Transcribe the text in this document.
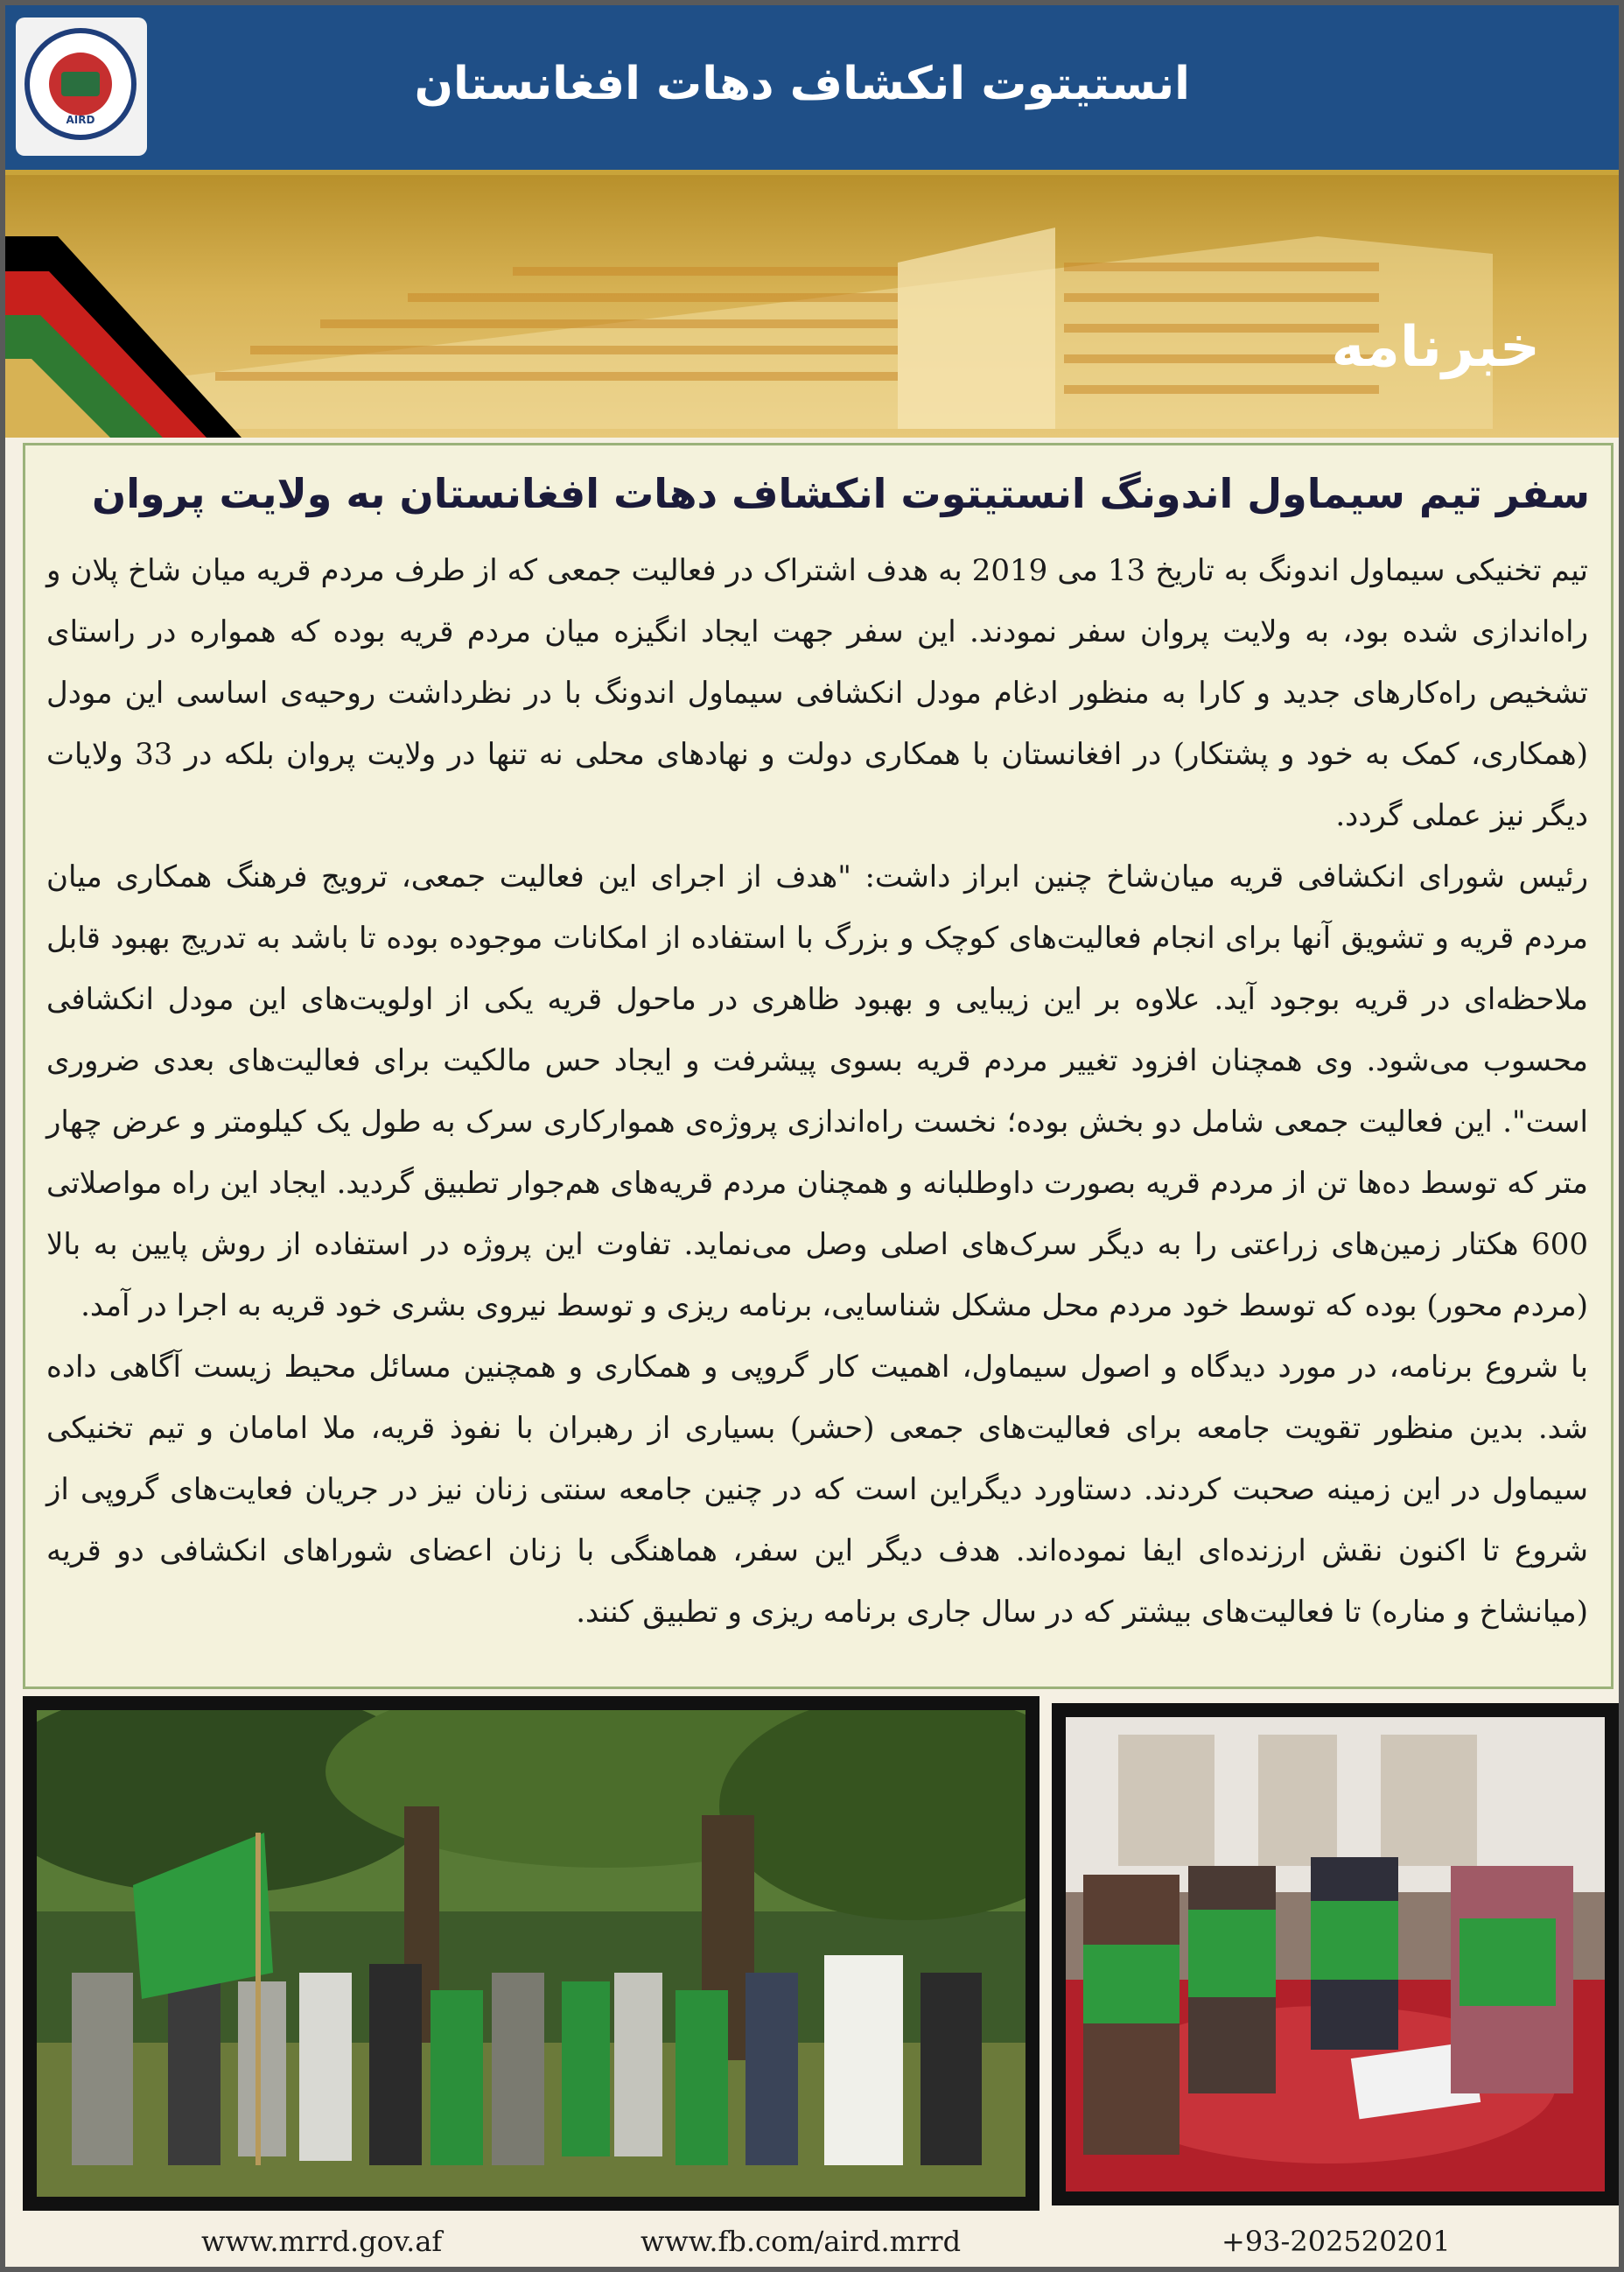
AIRD
انستیتوت انکشاف دهات افغانستان
خبرنامه
سفر تیم سیماول اندونگ انستیتوت انکشاف دهات افغانستان به ولایت پروان

تیم تخنیکی سیماول اندونگ به تاریخ 13 می 2019 به هدف اشتراک در فعالیت جمعی که از طرف مردم قریه میان شاخ پلان و راه‌اندازی شده بود، به ولایت پروان سفر نمودند. این سفر جهت ایجاد انگیزه میان مردم قریه بوده که همواره در راستای تشخیص راه‌کارهای جدید و کارا به منظور ادغام مودل انکشافی سیماول اندونگ با در نظرداشت روحیه‌ی اساسی این مودل (همکاری، کمک به خود و پشتکار) در افغانستان با همکاری دولت و نهادهای محلی نه تنها در ولایت پروان بلکه در 33 ولایات دیگر نیز عملی گردد.

رئیس شورای انکشافی قریه میان‌شاخ چنین ابراز داشت: "هدف از اجرای این فعالیت جمعی، ترویج فرهنگ همکاری میان مردم قریه و تشویق آنها برای انجام فعالیت‌های کوچک و بزرگ با استفاده از امکانات موجوده بوده تا باشد به تدریج بهبود قابل ملاحظه‌ای در قریه بوجود آید. علاوه بر این زیبایی و بهبود ظاهری در ماحول قریه یکی از اولویت‌های این مودل انکشافی محسوب می‌شود. وی همچنان افزود تغییر مردم قریه بسوی پیشرفت و ایجاد حس مالکیت برای فعالیت‌های بعدی ضروری است". این فعالیت جمعی شامل دو بخش بوده؛ نخست راه‌اندازی پروژه‌ی هموارکاری سرک به طول یک کیلومتر و عرض چهار متر که توسط ده‌ها تن از مردم قریه بصورت داوطلبانه و همچنان مردم قریه‌های هم‌جوار تطبیق گردید. ایجاد این راه مواصلاتی 600 هکتار زمین‌های زراعتی را به دیگر سرک‌های اصلی وصل می‌نماید. تفاوت این پروژه در استفاده از روش پایین به بالا (مردم محور) بوده که توسط خود مردم محل مشکل شناسایی، برنامه ریزی و توسط نیروی بشری خود قریه به اجرا در آمد.

با شروع برنامه، در مورد دیدگاه و اصول سیماول، اهمیت کار گروپی و همکاری و همچنین مسائل محیط زیست آگاهی داده شد. بدین منظور تقویت جامعه برای فعالیت‌های جمعی (حشر) بسیاری از رهبران با نفوذ قریه، ملا امامان و تیم تخنیکی سیماول در این زمینه صحبت کردند. دستاورد دیگراین است که در چنین جامعه سنتی زنان نیز در جریان فعایت‌های گروپی از شروع تا اکنون نقش ارزنده‌ای ایفا نموده‌اند. هدف دیگر این سفر، هماهنگی با زنان اعضای شوراهای انکشافی دو قریه (میانشاخ و مناره) تا فعالیت‌های بیشتر که در سال جاری برنامه ریزی و تطبیق کنند.

www.mrrd.gov.af	www.fb.com/aird.mrrd	+93-202520201
